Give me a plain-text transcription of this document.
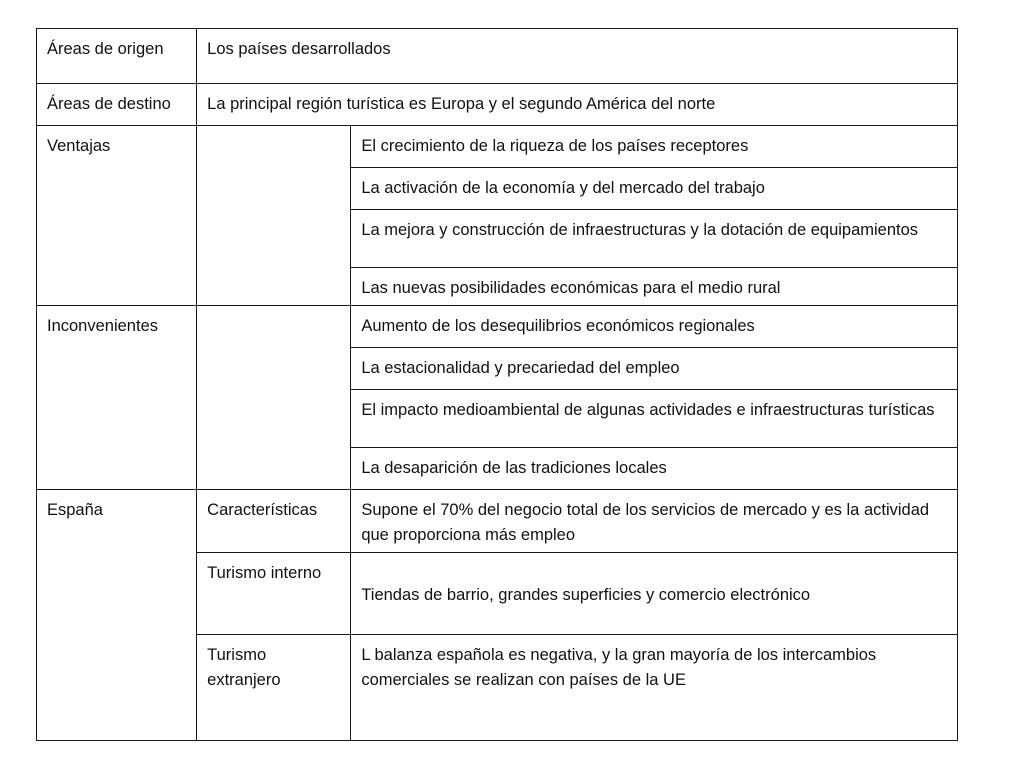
Áreas de origen	Los países desarrollados	
Áreas de destino	La principal región turística es Europa y el segundo América del norte	
Ventajas		El crecimiento de la riqueza de los países receptores
		La activación de la economía y del mercado del trabajo
		La mejora y construcción de infraestructuras y la dotación de equipamientos
		Las nuevas posibilidades económicas para el medio rural
Inconvenientes		Aumento de los desequilibrios económicos regionales
		La estacionalidad y precariedad del empleo
		El impacto medioambiental de algunas actividades e infraestructuras turísticas
		La desaparición de las tradiciones locales
España	Características	Supone el 70% del negocio total de los servicios de mercado y es la actividad que proporciona más empleo
	Turismo interno	Tiendas de barrio, grandes superficies y comercio electrónico
	Turismo extranjero	L balanza española es negativa, y la gran mayoría de los intercambios comerciales se realizan con países de la UE
